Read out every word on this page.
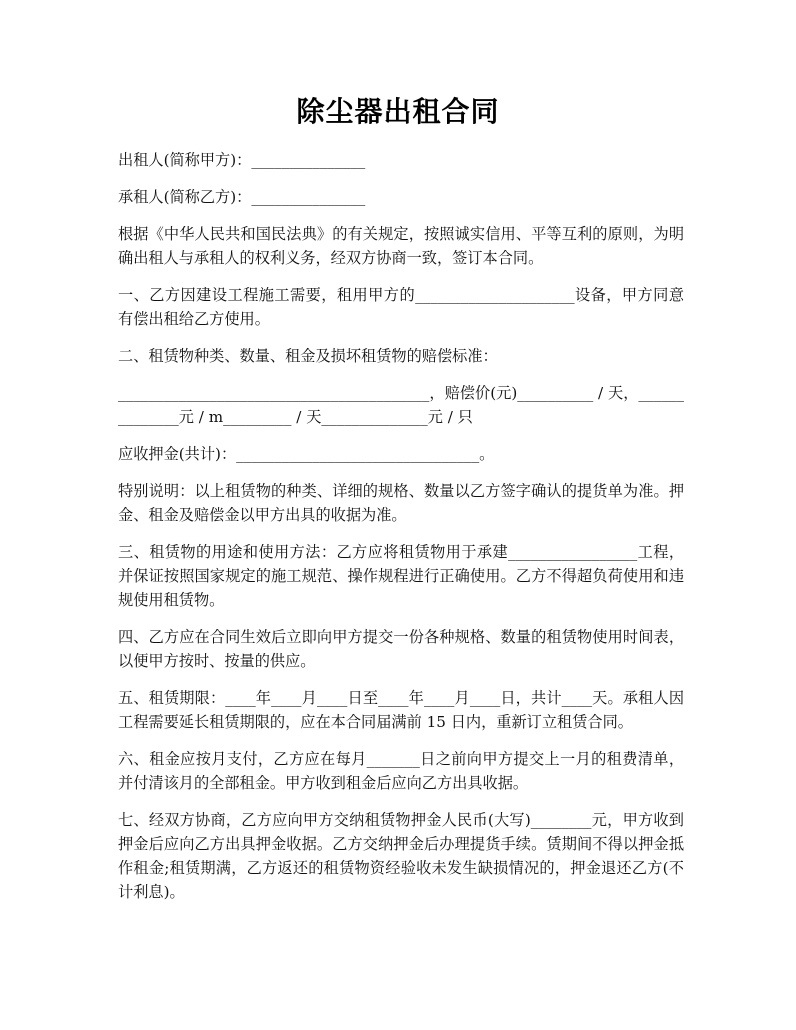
除尘器出租合同

出租人(简称甲方)：_______________

承租人(简称乙方)：_______________

根据《中华人民共和国民法典》的有关规定，按照诚实信用、平等互利的原则，为明确出租人与承租人的权利义务，经双方协商一致，签订本合同。

一、乙方因建设工程施工需要，租用甲方的_____________________设备，甲方同意有偿出租给乙方使用。

二、租赁物种类、数量、租金及损坏租赁物的赔偿标准：

_________________________________________，赔偿价(元)__________ / 天，______________元 / m_________ / 天______________元 / 只

应收押金(共计)：________________________________。

特别说明：以上租赁物的种类、详细的规格、数量以乙方签字确认的提货单为准。押金、租金及赔偿金以甲方出具的收据为准。

三、租赁物的用途和使用方法：乙方应将租赁物用于承建_________________工程，并保证按照国家规定的施工规范、操作规程进行正确使用。乙方不得超负荷使用和违规使用租赁物。

四、乙方应在合同生效后立即向甲方提交一份各种规格、数量的租赁物使用时间表，以便甲方按时、按量的供应。

五、租赁期限：____年____月____日至____年____月____日，共计____天。承租人因工程需要延长租赁期限的，应在本合同届满前 15 日内，重新订立租赁合同。

六、租金应按月支付，乙方应在每月_______日之前向甲方提交上一月的租费清单，并付清该月的全部租金。甲方收到租金后应向乙方出具收据。

七、经双方协商，乙方应向甲方交纳租赁物押金人民币(大写)________元，甲方收到押金后应向乙方出具押金收据。乙方交纳押金后办理提货手续。赁期间不得以押金抵作租金;租赁期满，乙方返还的租赁物资经验收未发生缺损情况的，押金退还乙方(不计利息)。
